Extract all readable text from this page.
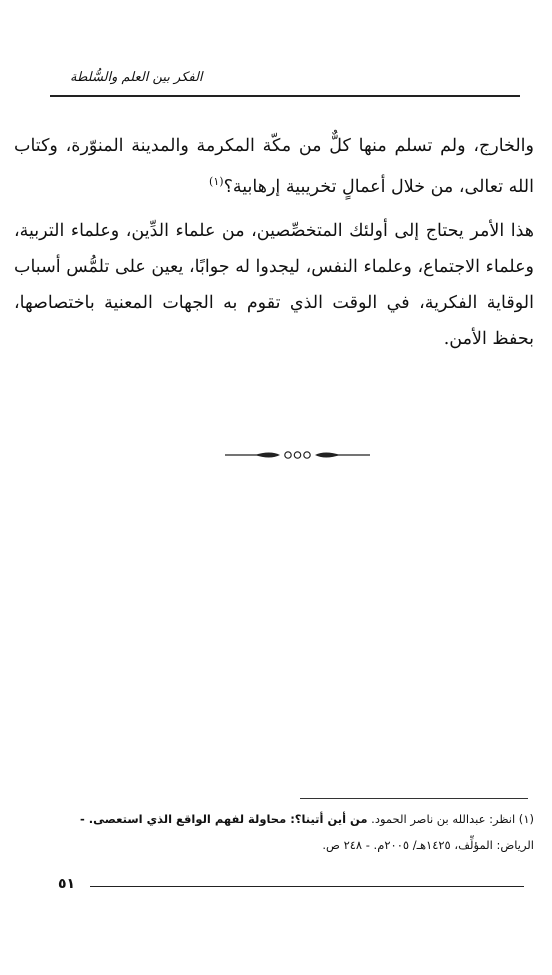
الفكر بين العلم والسُّلطة

والخارج، ولم تسلم منها كلٌّ من مكّة المكرمة والمدينة المنوّرة، وكتاب الله تعالى، من خلال أعمالٍ تخريبية إرهابية؟$^{(١)}$

هذا الأمر يحتاج إلى أولئك المتخصِّصين، من علماء الدِّين، وعلماء التربية، وعلماء الاجتماع، وعلماء النفس، ليجدوا له جوابًا، يعين على تلمُّس أسباب الوقاية الفكرية، في الوقت الذي تقوم به الجهات المعنية باختصاصها، بحفظ الأمن.

(١) انظر: عبدالله بن ناصر الحمود. من أين أتينا؟: محاولة لفهم الواقع الذي استعصى. -

الرياض: المؤلِّف، ١٤٢٥هـ/ ٢٠٠٥م. - ٢٤٨ ص.

٥١
